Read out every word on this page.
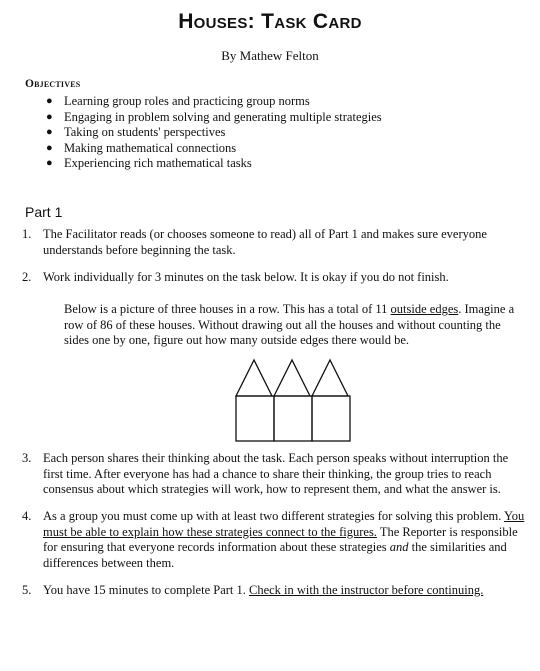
Houses: Task Card
By Mathew Felton
Objectives
● Learning group roles and practicing group norms
● Engaging in problem solving and generating multiple strategies
● Taking on students' perspectives
● Making mathematical connections
● Experiencing rich mathematical tasks
Part 1
1. The Facilitator reads (or chooses someone to read) all of Part 1 and makes sure everyone understands before beginning the task.
2. Work individually for 3 minutes on the task below. It is okay if you do not finish.
Below is a picture of three houses in a row. This has a total of 11 outside edges. Imagine a row of 86 of these houses. Without drawing out all the houses and without counting the sides one by one, figure out how many outside edges there would be.
3. Each person shares their thinking about the task. Each person speaks without interruption the first time. After everyone has had a chance to share their thinking, the group tries to reach consensus about which strategies will work, how to represent them, and what the answer is.
4. As a group you must come up with at least two different strategies for solving this problem. You must be able to explain how these strategies connect to the figures. The Reporter is responsible for ensuring that everyone records information about these strategies and the similarities and differences between them.
5. You have 15 minutes to complete Part 1. Check in with the instructor before continuing.
